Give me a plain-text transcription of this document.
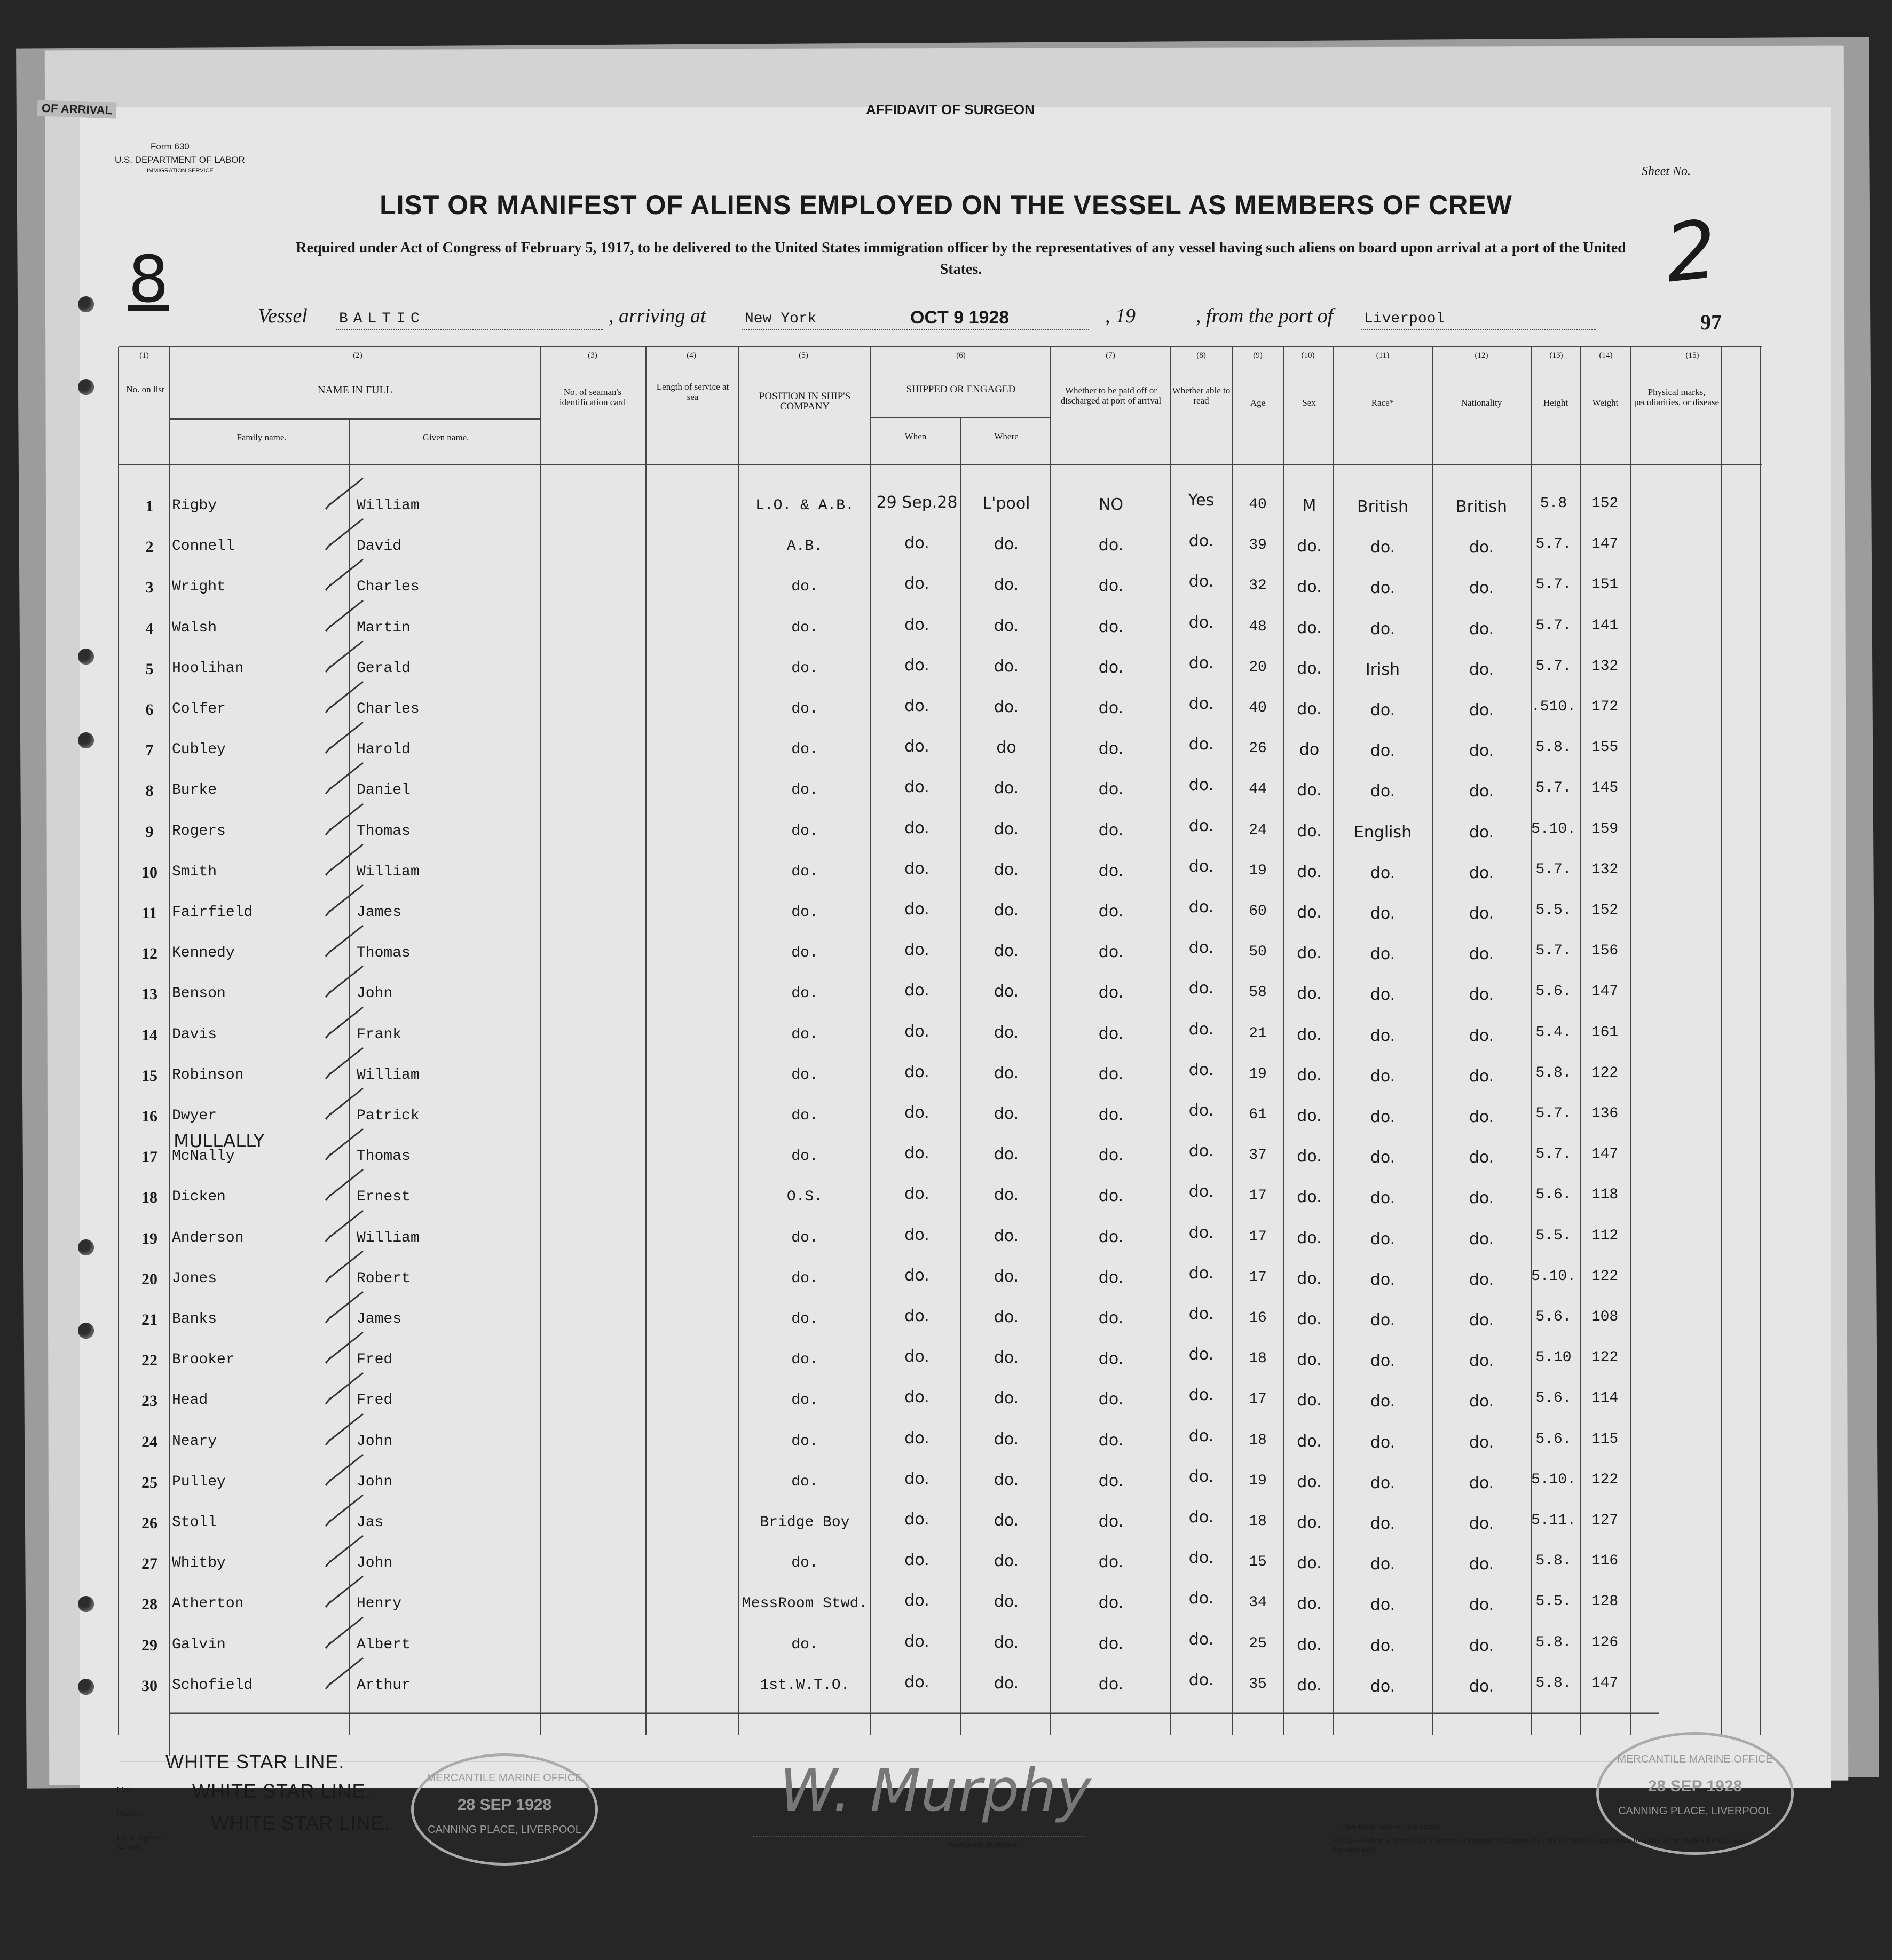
OF ARRIVAL	AFFIDAVIT OF SURGEON
Form 630
U.S. DEPARTMENT OF LABOR
IMMIGRATION SERVICE	Sheet No.
2
8
LIST OR MANIFEST OF ALIENS EMPLOYED ON THE VESSEL AS MEMBERS OF CREW
Required under Act of Congress of February 5, 1917, to be delivered to the United States immigration officer by the representatives of any vessel having such aliens on board upon arrival at a port of the United States.
Vessel BALTIC	, arriving at	New York	OCT 9 1928	, 19	, from the port of Liverpool	97
(1)	(2)	(3)	(4)	(5)	(6)	(7)	(8)	(9)	(10)	(11)	(12)	(13)	(14)	(15)
No. on list	NAME IN FULL
Family name.	Given name.
No. of seaman's identification card
Length of service at sea	POSITION IN SHIP'S COMPANY
SHIPPED OR ENGAGED
When	Where
Whether to be paid off or discharged at port of arrival
Whether able to read	Age	Sex	Race*	Nationality	Height	Weight
Physical marks, peculiarities, or disease
1	Rigby	William	L.O. & A.B.	29 Sep.28	L'pool	NO	Yes	40	M	British	British	5.8	152
2	Connell	David	A.B.	do.	do.	do.	do.	39	do.	do.	do.	5.7.	147
3	Wright	Charles	do.	do.	do.	do.	do.	32	do.	do.	do.	5.7.	151
4	Walsh	Martin	do.	do.	do.	do.	do.	48	do.	do.	do.	5.7.	141
5	Hoolihan	Gerald	do.	do.	do.	do.	do.	20	do.	Irish	do.	5.7.	132
6	Colfer	Charles	do.	do.	do.	do.	do.	40	do.	do.	do.	.510.	172
7	Cubley	Harold	do.	do.	do	do.	do.	26	do	do.	do.	5.8.	155
8	Burke	Daniel	do.	do.	do.	do.	do.	44	do.	do.	do.	5.7.	145
9	Rogers	Thomas	do.	do.	do.	do.	do.	24	do.	English	do.	5.10.	159
10 Smith	William	do.	do.	do.	do.	do.	19	do.	do.	do.	5.7.	132
11 Fairfield	James	do.	do.	do.	do.	do.	60	do.	do.	do.	5.5.	152
12 Kennedy	Thomas	do.	do.	do.	do.	do.	50	do.	do.	do.	5.7.	156
13 Benson	John	do.	do.	do.	do.	do.	58	do.	do.	do.	5.6.	147
14 Davis	Frank	do.	do.	do.	do.	do.	21	do.	do.	do.	5.4.	161
15 Robinson	William	do.	do.	do.	do.	do.	19	do.	do.	do.	5.8.	122
16 Dwyer	Patrick	do.	do.	do.	do.	do.	61	do.	do.	do.	5.7.	136
17 McNally	Thomas	do.	do.	do.	do.	do.	37	do.	do.	do.	5.7.	147
18 Dicken	Ernest	O.S.	do.	do.	do.	do.	17	do.	do.	do.	5.6.	118
19 Anderson	William	do.	do.	do.	do.	do.	17	do.	do.	do.	5.5.	112
20 Jones	Robert	do.	do.	do.	do.	do.	17	do.	do.	do.	5.10.	122
21 Banks	James	do.	do.	do.	do.	do.	16	do.	do.	do.	5.6.	108
22 Brooker	Fred	do.	do.	do.	do.	do.	18	do.	do.	do.	5.10	122
23 Head	Fred	do.	do.	do.	do.	do.	17	do.	do.	do.	5.6.	114
24 Neary	John	do.	do.	do.	do.	do.	18	do.	do.	do.	5.6.	115
25 Pulley	John	do.	do.	do.	do.	do.	19	do.	do.	do.	5.10.	122
26 Stoll	Jas	Bridge Boy	do.	do.	do.	do.	18	do.	do.	do.	5.11.	127
27 Whitby	John	do.	do.	do.	do.	do.	15	do.	do.	do.	5.8.	116
28 Atherton	Henry	MessRoom Stwd.	do.	do.	do.	do.	34	do.	do.	do.	5.5.	128
29 Galvin	Albert	do.	do.	do.	do.	do.	25	do.	do.	do.	5.8.	126
30 Schofield	Arthur	1st.W.T.O.	do.	do.	do.	do.	35	do.	do.	do.	5.8.	147
MULLALLY
Line
Owners
Local Agents
14-1880
WHITE STAR LINE.
WHITE STAR LINE.
WHITE STAR LINE.
MERCANTILE MARINE OFFICE
28 SEP 1928
CANNING PLACE, LIVERPOOL
W. Murphy
Immigrant Inspector.
MERCANTILE MARINE OFFICE
28 SEP 1928
CANNING PLACE, LIVERPOOL
* See list of races on back hereof.
NOTE.—Failure to furnish full or correct information in columns (9), (10), (6) and (7) is punishable by a fine of Ten Dollars for each alien. See other side.
